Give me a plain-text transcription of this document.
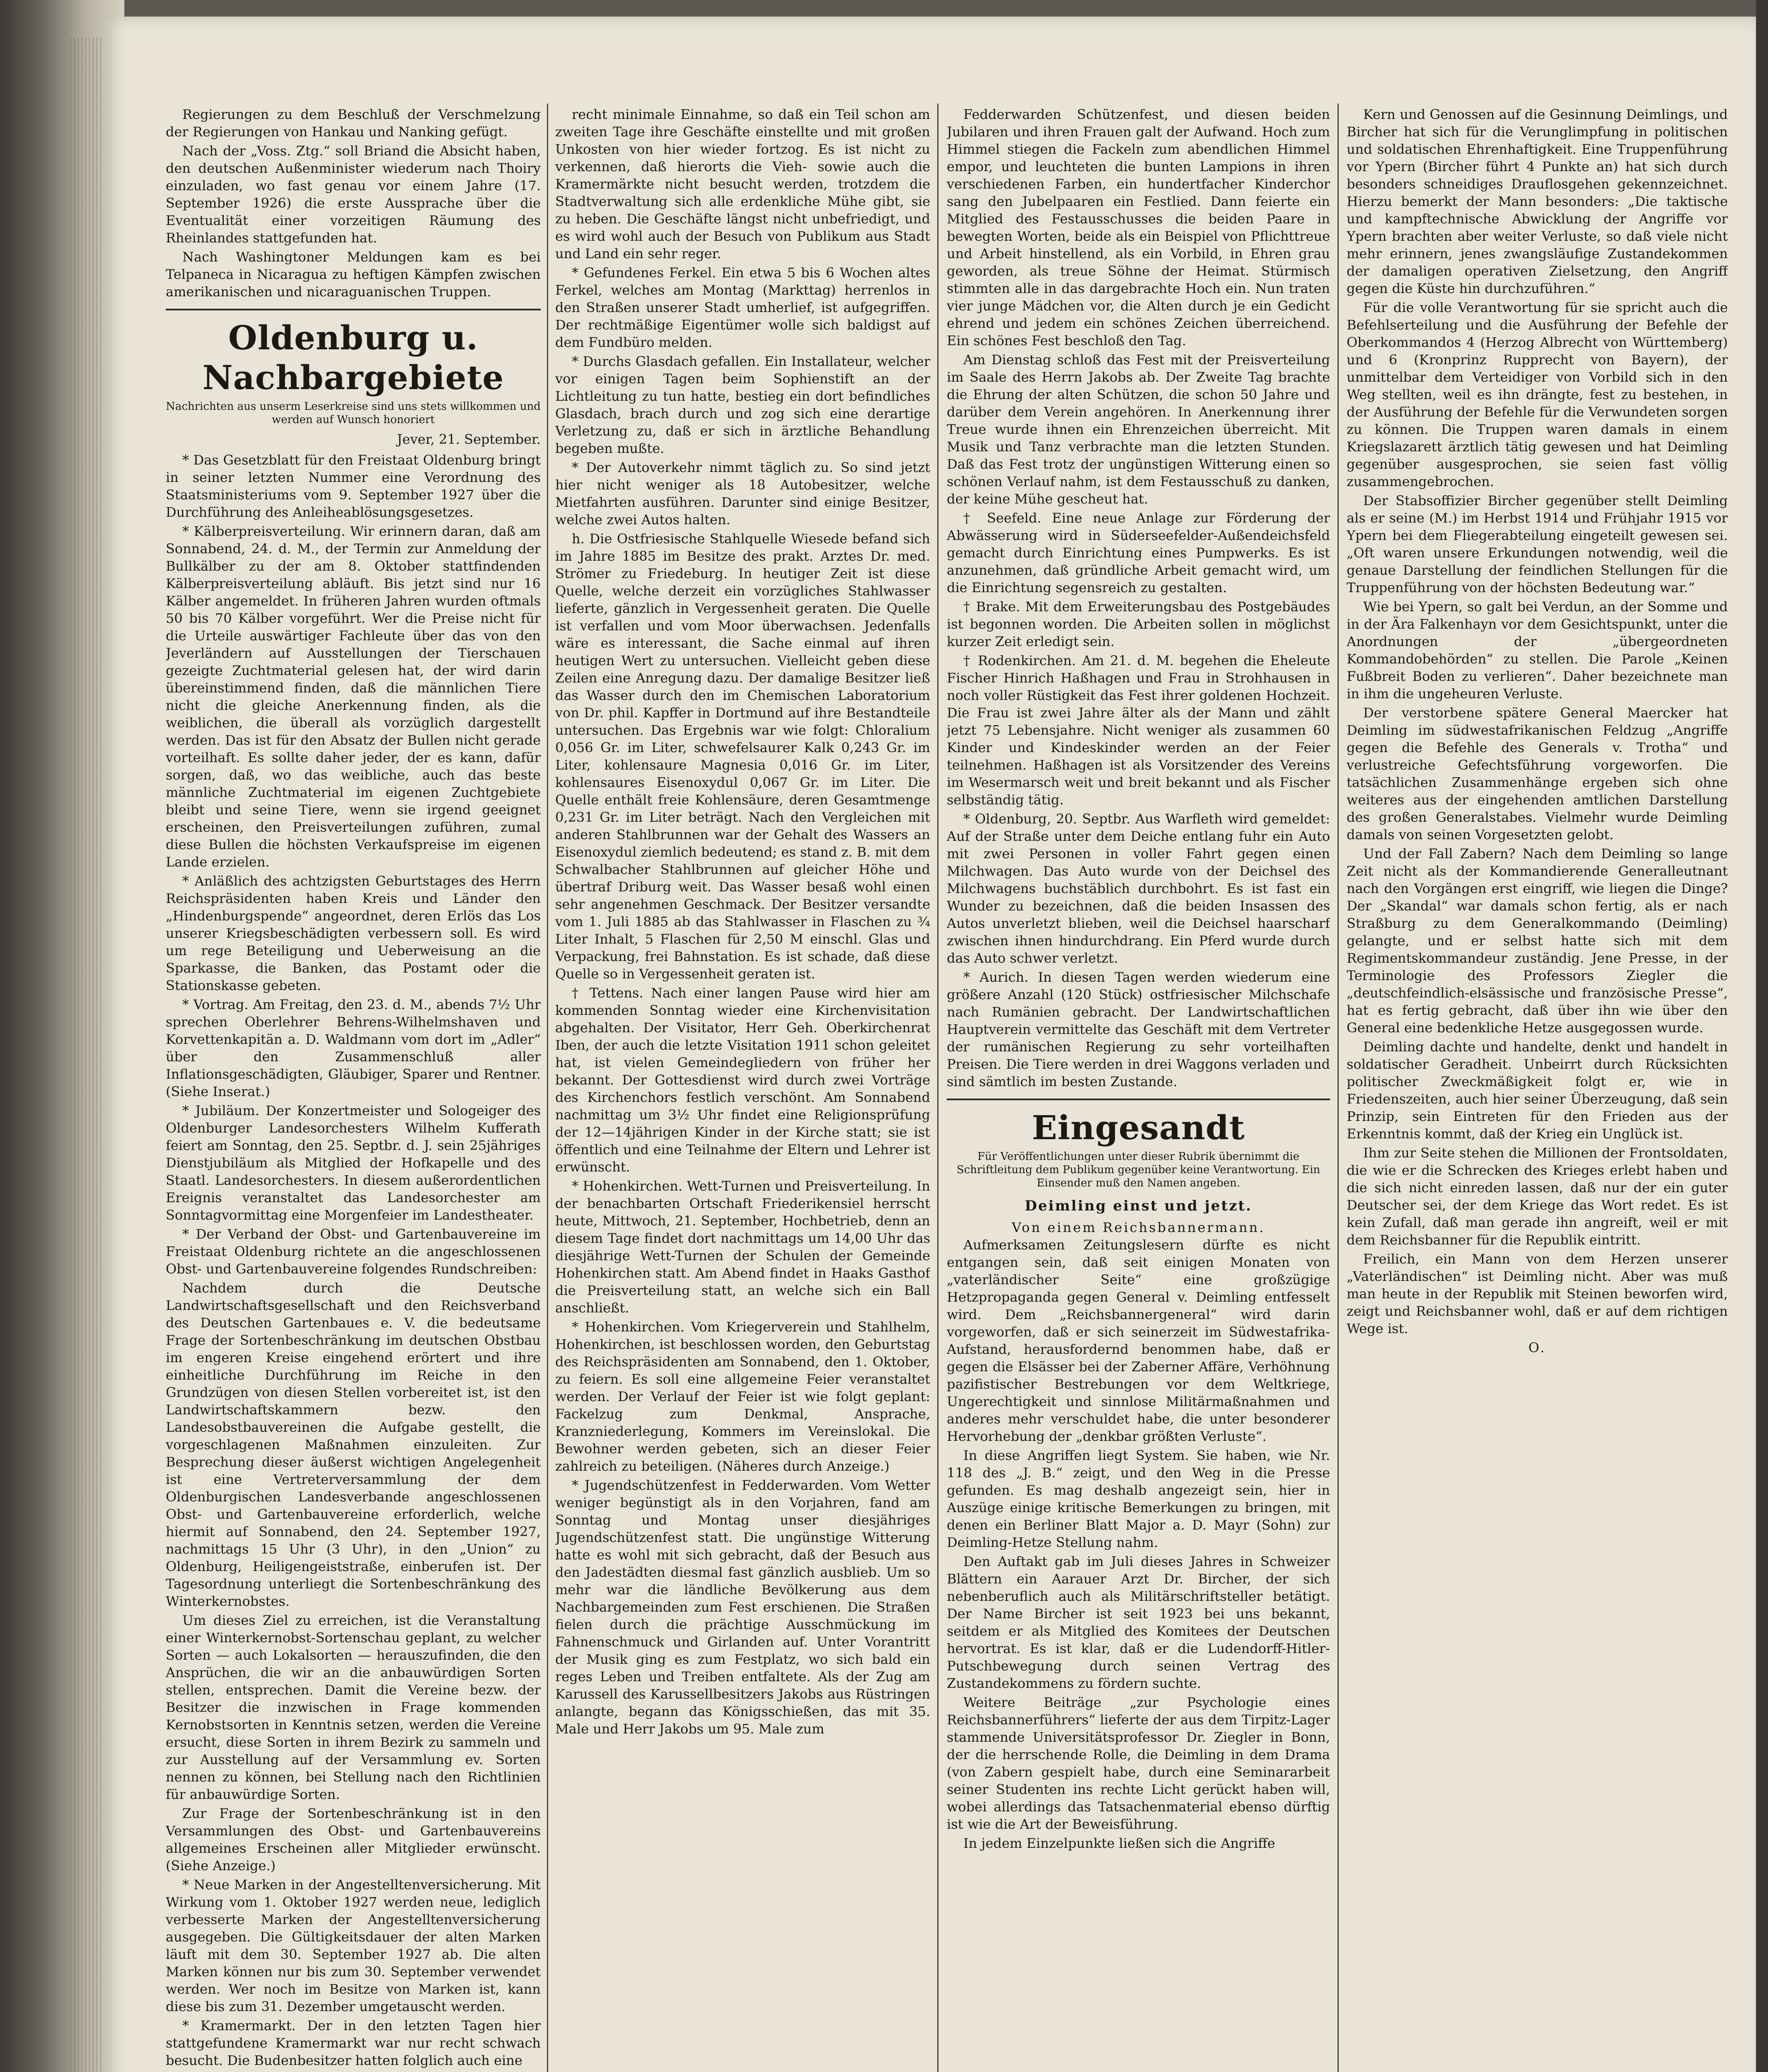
Regierungen zu dem Beschluß der Verschmelzung der Regierungen von Hankau und Nanking gefügt.

Nach der „Voss. Ztg.“ soll Briand die Absicht haben, den deutschen Außenminister wiederum nach Thoiry einzuladen, wo fast genau vor einem Jahre (17. September 1926) die erste Aussprache über die Eventualität einer vorzeitigen Räumung des Rheinlandes stattgefunden hat.

Nach Washingtoner Meldungen kam es bei Telpaneca in Nicaragua zu heftigen Kämpfen zwischen amerikanischen und nicaraguanischen Truppen.

Oldenburg u. Nachbargebiete
Nachrichten aus unserm Leserkreise sind uns stets willkommen und werden auf Wunsch honoriert
Jever, 21. September.

* Das Gesetzblatt für den Freistaat Oldenburg bringt in seiner letzten Nummer eine Verordnung des Staatsministeriums vom 9. September 1927 über die Durchführung des Anleiheablösungsgesetzes.

* Kälberpreisverteilung. Wir erinnern daran, daß am Sonnabend, 24. d. M., der Termin zur Anmeldung der Bullkälber zu der am 8. Oktober stattfindenden Kälberpreisverteilung abläuft. Bis jetzt sind nur 16 Kälber angemeldet. In früheren Jahren wurden oftmals 50 bis 70 Kälber vorgeführt. Wer die Preise nicht für die Urteile auswärtiger Fachleute über das von den Jeverländern auf Ausstellungen der Tierschauen gezeigte Zuchtmaterial gelesen hat, der wird darin übereinstimmend finden, daß die männlichen Tiere nicht die gleiche Anerkennung finden, als die weiblichen, die überall als vorzüglich dargestellt werden. Das ist für den Absatz der Bullen nicht gerade vorteilhaft. Es sollte daher jeder, der es kann, dafür sorgen, daß, wo das weibliche, auch das beste männliche Zuchtmaterial im eigenen Zuchtgebiete bleibt und seine Tiere, wenn sie irgend geeignet erscheinen, den Preisverteilungen zuführen, zumal diese Bullen die höchsten Verkaufspreise im eigenen Lande erzielen.

* Anläßlich des achtzigsten Geburtstages des Herrn Reichspräsidenten haben Kreis und Länder den „Hindenburgspende“ angeordnet, deren Erlös das Los unserer Kriegsbeschädigten verbessern soll. Es wird um rege Beteiligung und Ueberweisung an die Sparkasse, die Banken, das Postamt oder die Stationskasse gebeten.

* Vortrag. Am Freitag, den 23. d. M., abends 7½ Uhr sprechen Oberlehrer Behrens-Wilhelmshaven und Korvettenkapitän a. D. Waldmann vom dort im „Adler“ über den Zusammenschluß aller Inflationsgeschädigten, Gläubiger, Sparer und Rentner. (Siehe Inserat.)

* Jubiläum. Der Konzertmeister und Sologeiger des Oldenburger Landesorchesters Wilhelm Kufferath feiert am Sonntag, den 25. Septbr. d. J. sein 25jähriges Dienstjubiläum als Mitglied der Hofkapelle und des Staatl. Landesorchesters. In diesem außerordentlichen Ereignis veranstaltet das Landesorchester am Sonntagvormittag eine Morgenfeier im Landestheater.

* Der Verband der Obst- und Gartenbauvereine im Freistaat Oldenburg richtete an die angeschlossenen Obst- und Gartenbauvereine folgendes Rundschreiben:

Nachdem durch die Deutsche Landwirtschaftsgesellschaft und den Reichsverband des Deutschen Gartenbaues e. V. die bedeutsame Frage der Sortenbeschränkung im deutschen Obstbau im engeren Kreise eingehend erörtert und ihre einheitliche Durchführung im Reiche in den Grundzügen von diesen Stellen vorbereitet ist, ist den Landwirtschaftskammern bezw. den Landesobstbauvereinen die Aufgabe gestellt, die vorgeschlagenen Maßnahmen einzuleiten. Zur Besprechung dieser äußerst wichtigen Angelegenheit ist eine Vertreterversammlung der dem Oldenburgischen Landesverbande angeschlossenen Obst- und Gartenbauvereine erforderlich, welche hiermit auf Sonnabend, den 24. September 1927, nachmittags 15 Uhr (3 Uhr), in den „Union“ zu Oldenburg, Heiligengeiststraße, einberufen ist. Der Tagesordnung unterliegt die Sortenbeschränkung des Winterkernobstes.

Um dieses Ziel zu erreichen, ist die Veranstaltung einer Winterkernobst-Sortenschau geplant, zu welcher Sorten — auch Lokalsorten — herauszufinden, die den Ansprüchen, die wir an die anbauwürdigen Sorten stellen, entsprechen. Damit die Vereine bezw. der Besitzer die inzwischen in Frage kommenden Kernobstsorten in Kenntnis setzen, werden die Vereine ersucht, diese Sorten in ihrem Bezirk zu sammeln und zur Ausstellung auf der Versammlung ev. Sorten nennen zu können, bei Stellung nach den Richtlinien für anbauwürdige Sorten.

Zur Frage der Sortenbeschränkung ist in den Versammlungen des Obst- und Gartenbauvereins allgemeines Erscheinen aller Mitglieder erwünscht. (Siehe Anzeige.)

* Neue Marken in der Angestelltenversicherung. Mit Wirkung vom 1. Oktober 1927 werden neue, lediglich verbesserte Marken der Angestelltenversicherung ausgegeben. Die Gültigkeitsdauer der alten Marken läuft mit dem 30. September 1927 ab. Die alten Marken können nur bis zum 30. September verwendet werden. Wer noch im Besitze von Marken ist, kann diese bis zum 31. Dezember umgetauscht werden.

* Kramermarkt. Der in den letzten Tagen hier stattgefundene Kramermarkt war nur recht schwach besucht. Die Budenbesitzer hatten folglich auch eine

recht minimale Einnahme, so daß ein Teil schon am zweiten Tage ihre Geschäfte einstellte und mit großen Unkosten von hier wieder fortzog. Es ist nicht zu verkennen, daß hierorts die Vieh- sowie auch die Kramermärkte nicht besucht werden, trotzdem die Stadtverwaltung sich alle erdenkliche Mühe gibt, sie zu heben. Die Geschäfte längst nicht unbefriedigt, und es wird wohl auch der Besuch von Publikum aus Stadt und Land ein sehr reger.

* Gefundenes Ferkel. Ein etwa 5 bis 6 Wochen altes Ferkel, welches am Montag (Markttag) herrenlos in den Straßen unserer Stadt umherlief, ist aufgegriffen. Der rechtmäßige Eigentümer wolle sich baldigst auf dem Fundbüro melden.

* Durchs Glasdach gefallen. Ein Installateur, welcher vor einigen Tagen beim Sophienstift an der Lichtleitung zu tun hatte, bestieg ein dort befindliches Glasdach, brach durch und zog sich eine derartige Verletzung zu, daß er sich in ärztliche Behandlung begeben mußte.

* Der Autoverkehr nimmt täglich zu. So sind jetzt hier nicht weniger als 18 Autobesitzer, welche Mietfahrten ausführen. Darunter sind einige Besitzer, welche zwei Autos halten.

h. Die Ostfriesische Stahlquelle Wiesede befand sich im Jahre 1885 im Besitze des prakt. Arztes Dr. med. Strömer zu Friedeburg. In heutiger Zeit ist diese Quelle, welche derzeit ein vorzügliches Stahlwasser lieferte, gänzlich in Vergessenheit geraten. Die Quelle ist verfallen und vom Moor überwachsen. Jedenfalls wäre es interessant, die Sache einmal auf ihren heutigen Wert zu untersuchen. Vielleicht geben diese Zeilen eine Anregung dazu. Der damalige Besitzer ließ das Wasser durch den im Chemischen Laboratorium von Dr. phil. Kapffer in Dortmund auf ihre Bestandteile untersuchen. Das Ergebnis war wie folgt: Chloralium 0,056 Gr. im Liter, schwefelsaurer Kalk 0,243 Gr. im Liter, kohlensaure Magnesia 0,016 Gr. im Liter, kohlensaures Eisenoxydul 0,067 Gr. im Liter. Die Quelle enthält freie Kohlensäure, deren Gesamtmenge 0,231 Gr. im Liter beträgt. Nach den Vergleichen mit anderen Stahlbrunnen war der Gehalt des Wassers an Eisenoxydul ziemlich bedeutend; es stand z. B. mit dem Schwalbacher Stahlbrunnen auf gleicher Höhe und übertraf Driburg weit. Das Wasser besaß wohl einen sehr angenehmen Geschmack. Der Besitzer versandte vom 1. Juli 1885 ab das Stahlwasser in Flaschen zu ¾ Liter Inhalt, 5 Flaschen für 2,50 M einschl. Glas und Verpackung, frei Bahnstation. Es ist schade, daß diese Quelle so in Vergessenheit geraten ist.

† Tettens. Nach einer langen Pause wird hier am kommenden Sonntag wieder eine Kirchenvisitation abgehalten. Der Visitator, Herr Geh. Oberkirchenrat Iben, der auch die letzte Visitation 1911 schon geleitet hat, ist vielen Gemeindegliedern von früher her bekannt. Der Gottesdienst wird durch zwei Vorträge des Kirchenchors festlich verschönt. Am Sonnabend nachmittag um 3½ Uhr findet eine Religionsprüfung der 12—14jährigen Kinder in der Kirche statt; sie ist öffentlich und eine Teilnahme der Eltern und Lehrer ist erwünscht.

* Hohenkirchen. Wett-Turnen und Preisverteilung. In der benachbarten Ortschaft Friederikensiel herrscht heute, Mittwoch, 21. September, Hochbetrieb, denn an diesem Tage findet dort nachmittags um 14,00 Uhr das diesjährige Wett-Turnen der Schulen der Gemeinde Hohenkirchen statt. Am Abend findet in Haaks Gasthof die Preisverteilung statt, an welche sich ein Ball anschließt.

* Hohenkirchen. Vom Kriegerverein und Stahlhelm, Hohenkirchen, ist beschlossen worden, den Geburtstag des Reichspräsidenten am Sonnabend, den 1. Oktober, zu feiern. Es soll eine allgemeine Feier veranstaltet werden. Der Verlauf der Feier ist wie folgt geplant: Fackelzug zum Denkmal, Ansprache, Kranzniederlegung, Kommers im Vereinslokal. Die Bewohner werden gebeten, sich an dieser Feier zahlreich zu beteiligen. (Näheres durch Anzeige.)

* Jugendschützenfest in Fedderwarden. Vom Wetter weniger begünstigt als in den Vorjahren, fand am Sonntag und Montag unser diesjähriges Jugendschützenfest statt. Die ungünstige Witterung hatte es wohl mit sich gebracht, daß der Besuch aus den Jadestädten diesmal fast gänzlich ausblieb. Um so mehr war die ländliche Bevölkerung aus dem Nachbargemeinden zum Fest erschienen. Die Straßen fielen durch die prächtige Ausschmückung im Fahnenschmuck und Girlanden auf. Unter Vorantritt der Musik ging es zum Festplatz, wo sich bald ein reges Leben und Treiben entfaltete. Als der Zug am Karussell des Karussellbesitzers Jakobs aus Rüstringen anlangte, begann das Königsschießen, das mit 35. Male und Herr Jakobs um 95. Male zum

Fedderwarden Schützenfest, und diesen beiden Jubilaren und ihren Frauen galt der Aufwand. Hoch zum Himmel stiegen die Fackeln zum abendlichen Himmel empor, und leuchteten die bunten Lampions in ihren verschiedenen Farben, ein hundertfacher Kinderchor sang den Jubelpaaren ein Festlied. Dann feierte ein Mitglied des Festausschusses die beiden Paare in bewegten Worten, beide als ein Beispiel von Pflichttreue und Arbeit hinstellend, als ein Vorbild, in Ehren grau geworden, als treue Söhne der Heimat. Stürmisch stimmten alle in das dargebrachte Hoch ein. Nun traten vier junge Mädchen vor, die Alten durch je ein Gedicht ehrend und jedem ein schönes Zeichen überreichend. Ein schönes Fest beschloß den Tag.

Am Dienstag schloß das Fest mit der Preisverteilung im Saale des Herrn Jakobs ab. Der Zweite Tag brachte die Ehrung der alten Schützen, die schon 50 Jahre und darüber dem Verein angehören. In Anerkennung ihrer Treue wurde ihnen ein Ehrenzeichen überreicht. Mit Musik und Tanz verbrachte man die letzten Stunden. Daß das Fest trotz der ungünstigen Witterung einen so schönen Verlauf nahm, ist dem Festausschuß zu danken, der keine Mühe gescheut hat.

† Seefeld. Eine neue Anlage zur Förderung der Abwässerung wird in Süderseefelder-Außendeichsfeld gemacht durch Einrichtung eines Pumpwerks. Es ist anzunehmen, daß gründliche Arbeit gemacht wird, um die Einrichtung segensreich zu gestalten.

† Brake. Mit dem Erweiterungsbau des Postgebäudes ist begonnen worden. Die Arbeiten sollen in möglichst kurzer Zeit erledigt sein.

† Rodenkirchen. Am 21. d. M. begehen die Eheleute Fischer Hinrich Haßhagen und Frau in Strohhausen in noch voller Rüstigkeit das Fest ihrer goldenen Hochzeit. Die Frau ist zwei Jahre älter als der Mann und zählt jetzt 75 Lebensjahre. Nicht weniger als zusammen 60 Kinder und Kindeskinder werden an der Feier teilnehmen. Haßhagen ist als Vorsitzender des Vereins im Wesermarsch weit und breit bekannt und als Fischer selbständig tätig.

* Oldenburg, 20. Septbr. Aus Warfleth wird gemeldet: Auf der Straße unter dem Deiche entlang fuhr ein Auto mit zwei Personen in voller Fahrt gegen einen Milchwagen. Das Auto wurde von der Deichsel des Milchwagens buchstäblich durchbohrt. Es ist fast ein Wunder zu bezeichnen, daß die beiden Insassen des Autos unverletzt blieben, weil die Deichsel haarscharf zwischen ihnen hindurchdrang. Ein Pferd wurde durch das Auto schwer verletzt.

* Aurich. In diesen Tagen werden wiederum eine größere Anzahl (120 Stück) ostfriesischer Milchschafe nach Rumänien gebracht. Der Landwirtschaftlichen Hauptverein vermittelte das Geschäft mit dem Vertreter der rumänischen Regierung zu sehr vorteilhaften Preisen. Die Tiere werden in drei Waggons verladen und sind sämtlich im besten Zustande.

Eingesandt
Für Veröffentlichungen unter dieser Rubrik übernimmt die Schriftleitung dem Publikum gegenüber keine Verantwortung. Ein Einsender muß den Namen angeben.
Deimling einst und jetzt.
Von einem Reichsbannermann.

Aufmerksamen Zeitungslesern dürfte es nicht entgangen sein, daß seit einigen Monaten von „vaterländischer Seite“ eine großzügige Hetzpropaganda gegen General v. Deimling entfesselt wird. Dem „Reichsbannergeneral“ wird darin vorgeworfen, daß er sich seinerzeit im Südwestafrika-Aufstand, herausfordernd benommen habe, daß er gegen die Elsässer bei der Zaberner Affäre, Verhöhnung pazifistischer Bestrebungen vor dem Weltkriege, Ungerechtigkeit und sinnlose Militärmaßnahmen und anderes mehr verschuldet habe, die unter besonderer Hervorhebung der „denkbar größten Verluste“.

In diese Angriffen liegt System. Sie haben, wie Nr. 118 des „J. B.“ zeigt, und den Weg in die Presse gefunden. Es mag deshalb angezeigt sein, hier in Auszüge einige kritische Bemerkungen zu bringen, mit denen ein Berliner Blatt Major a. D. Mayr (Sohn) zur Deimling-Hetze Stellung nahm.

Den Auftakt gab im Juli dieses Jahres in Schweizer Blättern ein Aarauer Arzt Dr. Bircher, der sich nebenberuflich auch als Militärschriftsteller betätigt. Der Name Bircher ist seit 1923 bei uns bekannt, seitdem er als Mitglied des Komitees der Deutschen hervortrat. Es ist klar, daß er die Ludendorff-Hitler-Putschbewegung durch seinen Vertrag des Zustandekommens zu fördern suchte.

Weitere Beiträge „zur Psychologie eines Reichsbannerführers“ lieferte der aus dem Tirpitz-Lager stammende Universitätsprofessor Dr. Ziegler in Bonn, der die herrschende Rolle, die Deimling in dem Drama (von Zabern gespielt habe, durch eine Seminararbeit seiner Studenten ins rechte Licht gerückt haben will, wobei allerdings das Tatsachenmaterial ebenso dürftig ist wie die Art der Beweisführung.

In jedem Einzelpunkte ließen sich die Angriffe

Kern und Genossen auf die Gesinnung Deimlings, und Bircher hat sich für die Verunglimpfung in politischen und soldatischen Ehrenhaftigkeit. Eine Truppenführung vor Ypern (Bircher führt 4 Punkte an) hat sich durch besonders schneidiges Drauflosgehen gekennzeichnet. Hierzu bemerkt der Mann besonders: „Die taktische und kampftechnische Abwicklung der Angriffe vor Ypern brachten aber weiter Verluste, so daß viele nicht mehr erinnern, jenes zwangsläufige Zustandekommen der damaligen operativen Zielsetzung, den Angriff gegen die Küste hin durchzuführen.“

Für die volle Verantwortung für sie spricht auch die Befehlserteilung und die Ausführung der Befehle der Oberkommandos 4 (Herzog Albrecht von Württemberg) und 6 (Kronprinz Rupprecht von Bayern), der unmittelbar dem Verteidiger von Vorbild sich in den Weg stellten, weil es ihn drängte, fest zu bestehen, in der Ausführung der Befehle für die Verwundeten sorgen zu können. Die Truppen waren damals in einem Kriegslazarett ärztlich tätig gewesen und hat Deimling gegenüber ausgesprochen, sie seien fast völlig zusammengebrochen.

Der Stabsoffizier Bircher gegenüber stellt Deimling als er seine (M.) im Herbst 1914 und Frühjahr 1915 vor Ypern bei dem Fliegerabteilung eingeteilt gewesen sei. „Oft waren unsere Erkundungen notwendig, weil die genaue Darstellung der feindlichen Stellungen für die Truppenführung von der höchsten Bedeutung war.“

Wie bei Ypern, so galt bei Verdun, an der Somme und in der Ära Falkenhayn vor dem Gesichtspunkt, unter die Anordnungen der „übergeordneten Kommandobehörden“ zu stellen. Die Parole „Keinen Fußbreit Boden zu verlieren“. Daher bezeichnete man in ihm die ungeheuren Verluste.

Der verstorbene spätere General Maercker hat Deimling im südwestafrikanischen Feldzug „Angriffe gegen die Befehle des Generals v. Trotha“ und verlustreiche Gefechtsführung vorgeworfen. Die tatsächlichen Zusammenhänge ergeben sich ohne weiteres aus der eingehenden amtlichen Darstellung des großen Generalstabes. Vielmehr wurde Deimling damals von seinen Vorgesetzten gelobt.

Und der Fall Zabern? Nach dem Deimling so lange Zeit nicht als der Kommandierende Generalleutnant nach den Vorgängen erst eingriff, wie liegen die Dinge? Der „Skandal“ war damals schon fertig, als er nach Straßburg zu dem Generalkommando (Deimling) gelangte, und er selbst hatte sich mit dem Regimentskommandeur zuständig. Jene Presse, in der Terminologie des Professors Ziegler die „deutschfeindlich-elsässische und französische Presse“, hat es fertig gebracht, daß über ihn wie über den General eine bedenkliche Hetze ausgegossen wurde.

Deimling dachte und handelte, denkt und handelt in soldatischer Geradheit. Unbeirrt durch Rücksichten politischer Zweckmäßigkeit folgt er, wie in Friedenszeiten, auch hier seiner Überzeugung, daß sein Prinzip, sein Eintreten für den Frieden aus der Erkenntnis kommt, daß der Krieg ein Unglück ist.

Ihm zur Seite stehen die Millionen der Frontsoldaten, die wie er die Schrecken des Krieges erlebt haben und die sich nicht einreden lassen, daß nur der ein guter Deutscher sei, der dem Kriege das Wort redet. Es ist kein Zufall, daß man gerade ihn angreift, weil er mit dem Reichsbanner für die Republik eintritt.

Freilich, ein Mann von dem Herzen unserer „Vaterländischen“ ist Deimling nicht. Aber was muß man heute in der Republik mit Steinen beworfen wird, zeigt und Reichsbanner wohl, daß er auf dem richtigen Wege ist.

O.
